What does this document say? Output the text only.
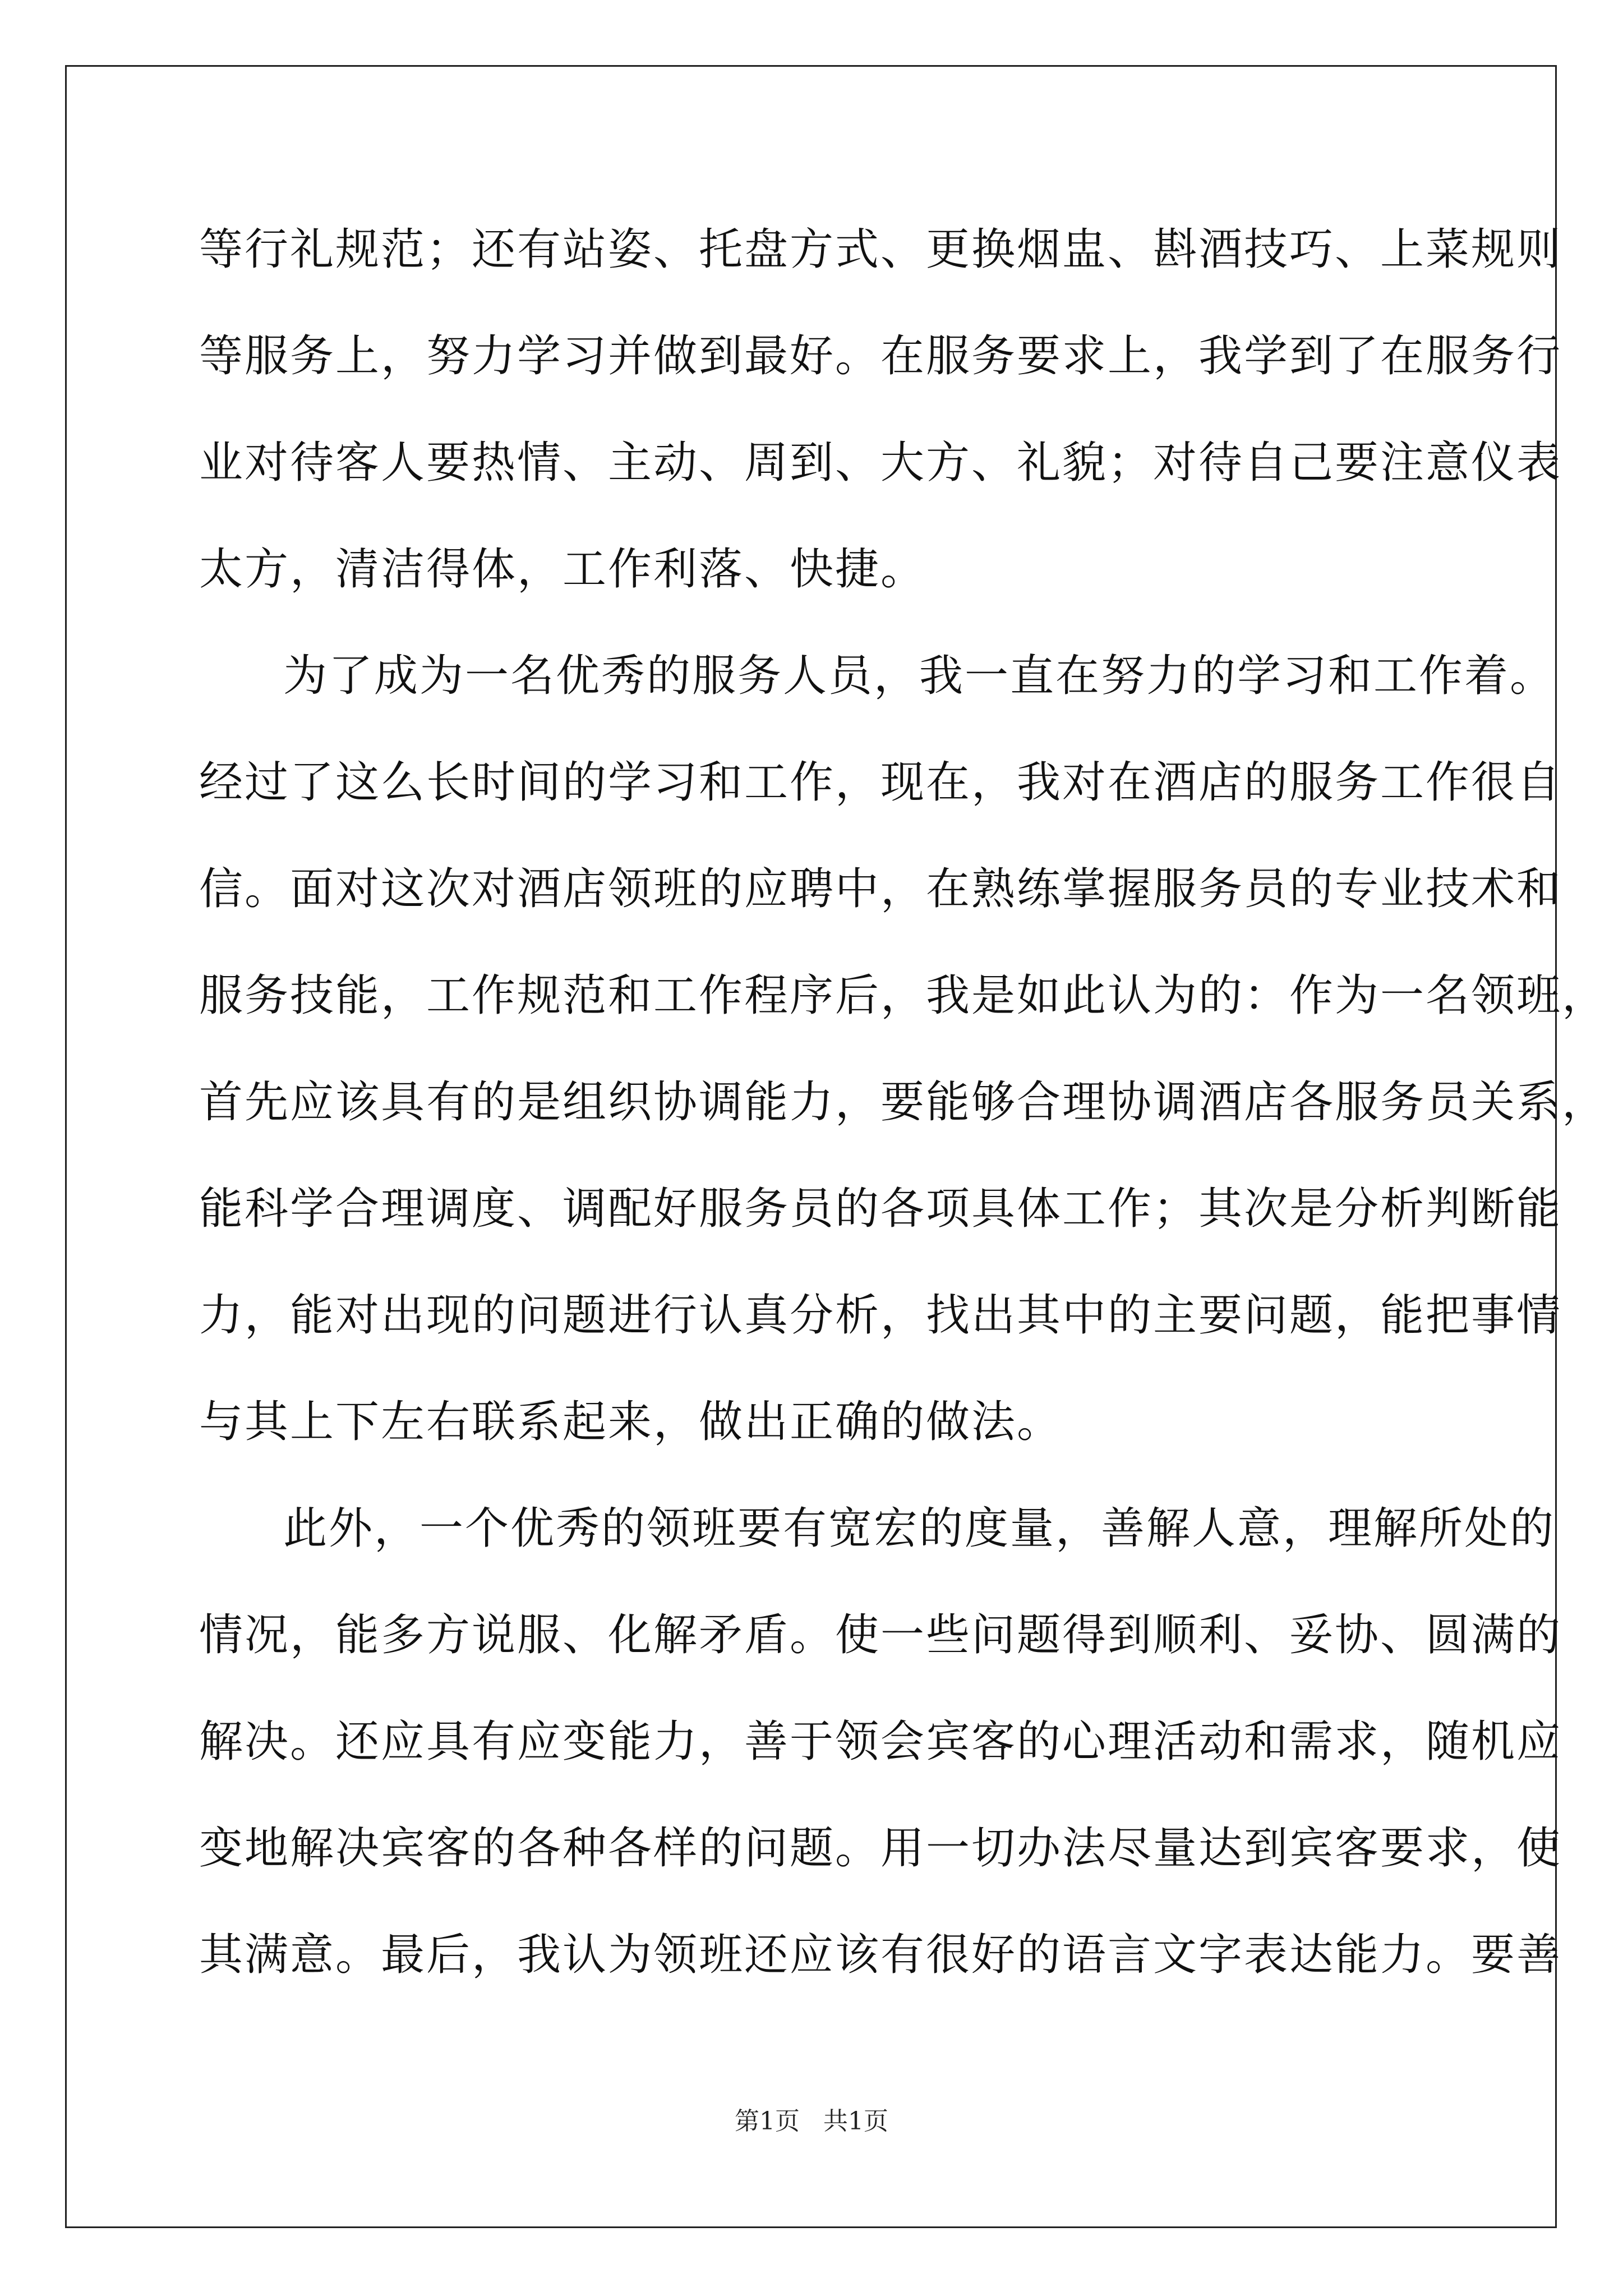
等行礼规范；还有站姿、托盘方式、更换烟盅、斟酒技巧、上菜规则
等服务上，努力学习并做到最好。在服务要求上，我学到了在服务行
业对待客人要热情、主动、周到、大方、礼貌；对待自己要注意仪表
太方，清洁得体，工作利落、快捷。
为了成为一名优秀的服务人员，我一直在努力的学习和工作着。
经过了这么长时间的学习和工作，现在，我对在酒店的服务工作很自
信。面对这次对酒店领班的应聘中，在熟练掌握服务员的专业技术和
服务技能，工作规范和工作程序后，我是如此认为的：作为一名领班，
首先应该具有的是组织协调能力，要能够合理协调酒店各服务员关系，
能科学合理调度、调配好服务员的各项具体工作；其次是分析判断能
力，能对出现的问题进行认真分析，找出其中的主要问题，能把事情
与其上下左右联系起来，做出正确的做法。
此外，一个优秀的领班要有宽宏的度量，善解人意，理解所处的
情况，能多方说服、化解矛盾。使一些问题得到顺利、妥协、圆满的
解决。还应具有应变能力，善于领会宾客的心理活动和需求，随机应
变地解决宾客的各种各样的问题。用一切办法尽量达到宾客要求，使
其满意。最后，我认为领班还应该有很好的语言文字表达能力。要善
第1页   共1页
